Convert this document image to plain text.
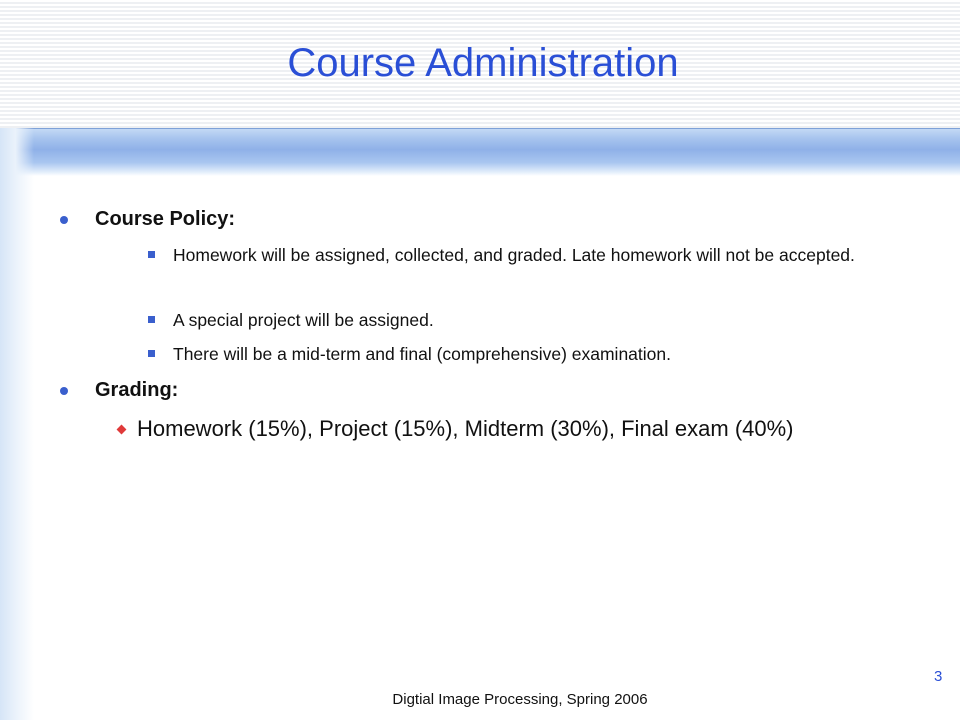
Course Administration
Course Policy:
Homework will be assigned, collected, and graded. Late homework will not be accepted.
A special project will be assigned.
There will be a mid-term and final (comprehensive) examination.
Grading:
Homework (15%), Project (15%), Midterm (30%), Final exam (40%)
Digtial Image Processing, Spring 2006
3
